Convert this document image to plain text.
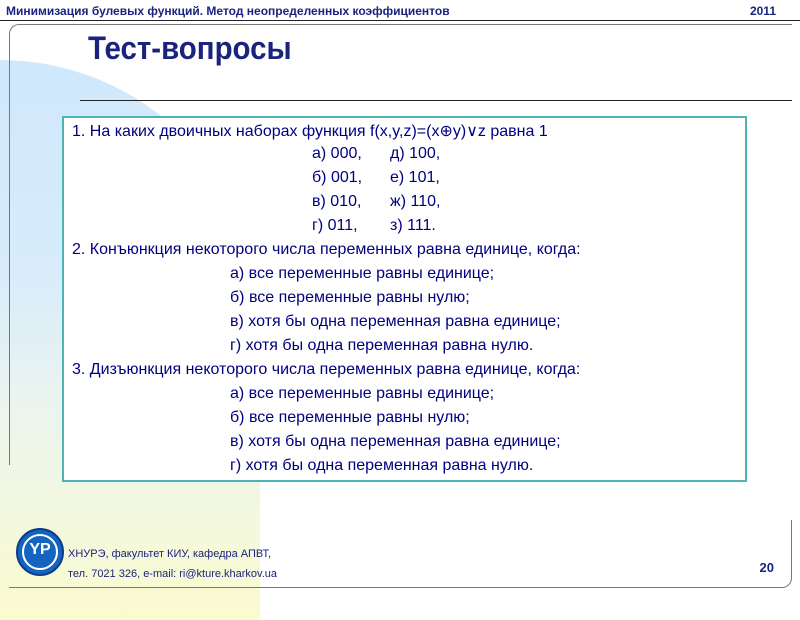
Минимизация булевых функций. Метод неопределенных коэффициентов	2011
Тест-вопросы
1. На каких двоичных наборах функция f(x,y,z)=(x⊕y)∨z равна 1
а) 000, д) 100,
б) 001, е) 101,
в) 010, ж) 110,
г) 011, з) 111.
2. Конъюнкция некоторого числа переменных равна единице, когда:
а) все переменные равны единице;
б) все переменные равны нулю;
в) хотя бы одна переменная равна единице;
г) хотя бы одна переменная равна нулю.
3. Дизъюнкция некоторого числа переменных равна единице, когда:
а) все переменные равны единице;
б) все переменные равны нулю;
в) хотя бы одна переменная равна единице;
г) хотя бы одна переменная равна нулю.
ΥΡ	ХНУРЭ, факультет КИУ, кафедра АПВТ,
тел. 7021 326, e-mail: ri@kture.kharkov.ua	20
